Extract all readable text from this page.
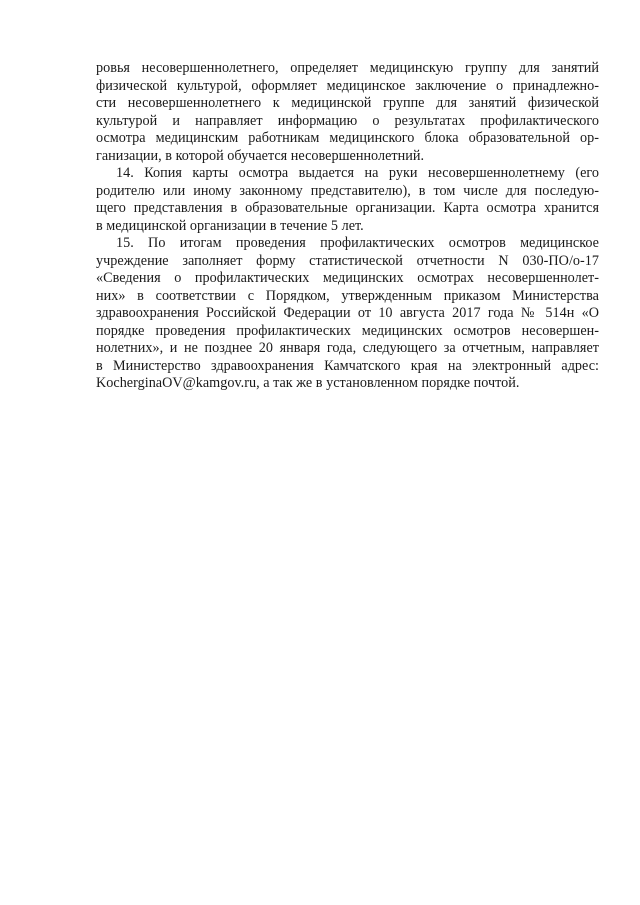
ровья несовершеннолетнего, определяет медицинскую группу для занятий
физической культурой, оформляет медицинское заключение о принадлежно-
сти несовершеннолетнего к медицинской группе для занятий физической
культурой и направляет информацию о результатах профилактического
осмотра медицинским работникам медицинского блока образовательной ор-
ганизации, в которой обучается несовершеннолетний.
14. Копия карты осмотра выдается на руки несовершеннолетнему (его
родителю или иному законному представителю), в том числе для последую-
щего представления в образовательные организации. Карта осмотра хранится
в медицинской организации в течение 5 лет.
15. По итогам проведения профилактических осмотров медицинское
учреждение заполняет форму статистической отчетности N 030-ПО/о-17
«Сведения о профилактических медицинских осмотрах несовершеннолет-
них» в соответствии с Порядком, утвержденным приказом Министерства
здравоохранения Российской Федерации от 10 августа 2017 года № 514н «О
порядке проведения профилактических медицинских осмотров несовершен-
нолетних», и не позднее 20 января года, следующего за отчетным, направляет
в Министерство здравоохранения Камчатского края на электронный адрес:
KocherginaOV@kamgov.ru, а так же в установленном порядке почтой.
